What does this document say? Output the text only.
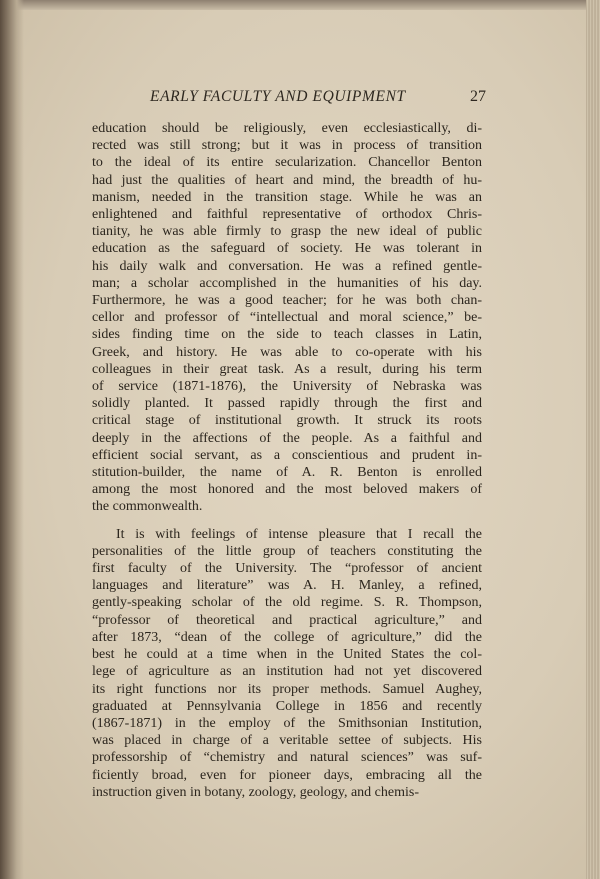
EARLY FACULTY AND EQUIPMENT	27

education should be religiously, even ecclesiastically, di-
rected was still strong; but it was in process of transition
to the ideal of its entire secularization. Chancellor Benton
had just the qualities of heart and mind, the breadth of hu-
manism, needed in the transition stage. While he was an
enlightened and faithful representative of orthodox Chris-
tianity, he was able firmly to grasp the new ideal of public
education as the safeguard of society. He was tolerant in
his daily walk and conversation. He was a refined gentle-
man; a scholar accomplished in the humanities of his day.
Furthermore, he was a good teacher; for he was both chan-
cellor and professor of “intellectual and moral science,” be-
sides finding time on the side to teach classes in Latin,
Greek, and history. He was able to co-operate with his
colleagues in their great task. As a result, during his term
of service (1871-1876), the University of Nebraska was
solidly planted. It passed rapidly through the first and
critical stage of institutional growth. It struck its roots
deeply in the affections of the people. As a faithful and
efficient social servant, as a conscientious and prudent in-
stitution-builder, the name of A. R. Benton is enrolled
among the most honored and the most beloved makers of
the commonwealth.

It is with feelings of intense pleasure that I recall the
personalities of the little group of teachers constituting the
first faculty of the University. The “professor of ancient
languages and literature” was A. H. Manley, a refined,
gently-speaking scholar of the old regime. S. R. Thompson,
“professor of theoretical and practical agriculture,” and
after 1873, “dean of the college of agriculture,” did the
best he could at a time when in the United States the col-
lege of agriculture as an institution had not yet discovered
its right functions nor its proper methods. Samuel Aughey,
graduated at Pennsylvania College in 1856 and recently
(1867-1871) in the employ of the Smithsonian Institution,
was placed in charge of a veritable settee of subjects. His
professorship of “chemistry and natural sciences” was suf-
ficiently broad, even for pioneer days, embracing all the
instruction given in botany, zoology, geology, and chemis-
